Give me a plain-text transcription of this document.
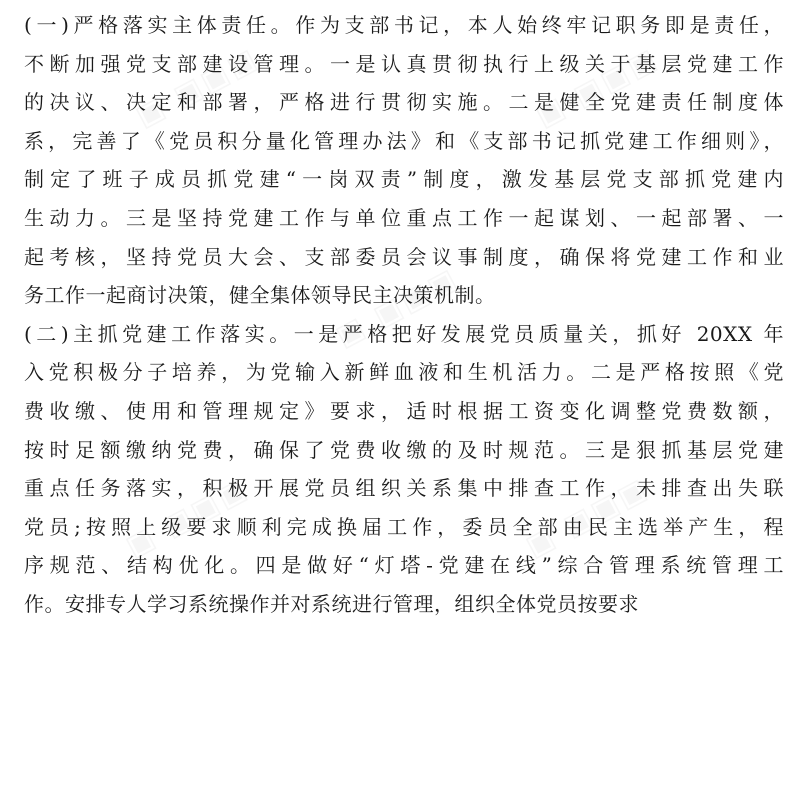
(一)严格落实主体责任。作为支部书记，本人始终牢记职务即是责任，
不断加强党支部建设管理。一是认真贯彻执行上级关于基层党建工作
的决议、决定和部署，严格进行贯彻实施。二是健全党建责任制度体
系，完善了《党员积分量化管理办法》和《支部书记抓党建工作细则》，
制定了班子成员抓党建“一岗双责”制度，激发基层党支部抓党建内
生动力。三是坚持党建工作与单位重点工作一起谋划、一起部署、一
起考核，坚持党员大会、支部委员会议事制度，确保将党建工作和业
务工作一起商讨决策，健全集体领导民主决策机制。
(二)主抓党建工作落实。一是严格把好发展党员质量关，抓好 20XX 年
入党积极分子培养，为党输入新鲜血液和生机活力。二是严格按照《党
费收缴、使用和管理规定》要求，适时根据工资变化调整党费数额，
按时足额缴纳党费，确保了党费收缴的及时规范。三是狠抓基层党建
重点任务落实，积极开展党员组织关系集中排查工作，未排查出失联
党员;按照上级要求顺利完成换届工作，委员全部由民主选举产生，程
序规范、结构优化。四是做好“灯塔-党建在线”综合管理系统管理工
作。安排专人学习系统操作并对系统进行管理，组织全体党员按要求
